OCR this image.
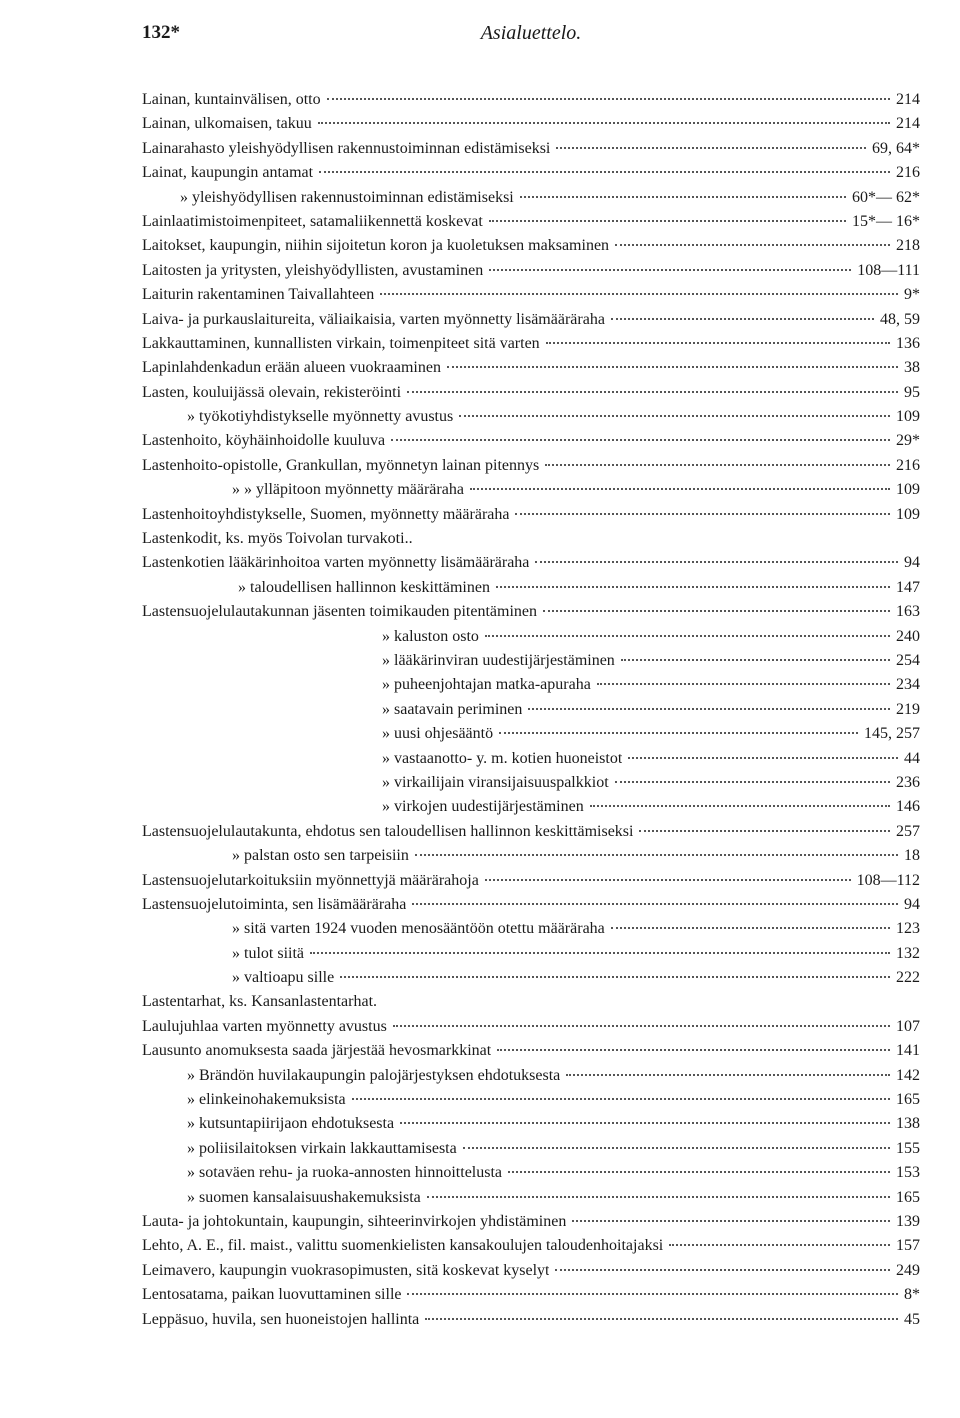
132*	Asialuettelo.
Lainan, kuntainvälisen, otto	214
Lainan, ulkomaisen, takuu	214
Lainarahasto yleishyödyllisen rakennustoiminnan edistämiseksi	69, 64*
Lainat, kaupungin antamat	216
» yleishyödyllisen rakennustoiminnan edistämiseksi	60*— 62*
Lainlaatimistoimenpiteet, satamaliikennettä koskevat	15*— 16*
Laitokset, kaupungin, niihin sijoitetun koron ja kuoletuksen maksaminen	218
Laitosten ja yritysten, yleishyödyllisten, avustaminen	108—111
Laiturin rakentaminen Taivallahteen	9*
Laiva- ja purkauslaitureita, väliaikaisia, varten myönnetty lisämääräraha	48, 59
Lakkauttaminen, kunnallisten virkain, toimenpiteet sitä varten	136
Lapinlahdenkadun erään alueen vuokraaminen	38
Lasten, kouluijässä olevain, rekisteröinti	95
» työkotiyhdistykselle myönnetty avustus	109
Lastenhoito, köyhäinhoidolle kuuluva	29*
Lastenhoito-opistolle, Grankullan, myönnetyn lainan pitennys	216
» » ylläpitoon myönnetty määräraha	109
Lastenhoitoyhdistykselle, Suomen, myönnetty määräraha	109
Lastenkodit, ks. myös Toivolan turvakoti..
Lastenkotien lääkärinhoitoa varten myönnetty lisämääräraha	94
» taloudellisen hallinnon keskittäminen	147
Lastensuojelulautakunnan jäsenten toimikauden pitentäminen	163
» kaluston osto	240
» lääkärinviran uudestijärjestäminen	254
» puheenjohtajan matka-apuraha	234
» saatavain periminen	219
» uusi ohjesääntö	145, 257
» vastaanotto- y. m. kotien huoneistot	44
» virkailijain viransijaisuuspalkkiot	236
» virkojen uudestijärjestäminen	146
Lastensuojelulautakunta, ehdotus sen taloudellisen hallinnon keskittämiseksi	257
» palstan osto sen tarpeisiin	18
Lastensuojelutarkoituksiin myönnettyjä määrärahoja	108—112
Lastensuojelutoiminta, sen lisämääräraha	94
» sitä varten 1924 vuoden menosääntöön otettu määräraha	123
» tulot siitä	132
» valtioapu sille	222
Lastentarhat, ks. Kansanlastentarhat.
Laulujuhlaa varten myönnetty avustus	107
Lausunto anomuksesta saada järjestää hevosmarkkinat	141
» Brändön huvilakaupungin palojärjestyksen ehdotuksesta	142
» elinkeinohakemuksista	165
» kutsuntapiirijaon ehdotuksesta	138
» poliisilaitoksen virkain lakkauttamisesta	155
» sotaväen rehu- ja ruoka-annosten hinnoittelusta	153
» suomen kansalaisuushakemuksista	165
Lauta- ja johtokuntain, kaupungin, sihteerinvirkojen yhdistäminen	139
Lehto, A. E., fil. maist., valittu suomenkielisten kansakoulujen taloudenhoitajaksi	157
Leimavero, kaupungin vuokrasopimusten, sitä koskevat kyselyt	249
Lentosatama, paikan luovuttaminen sille	8*
Leppäsuo, huvila, sen huoneistojen hallinta	45
